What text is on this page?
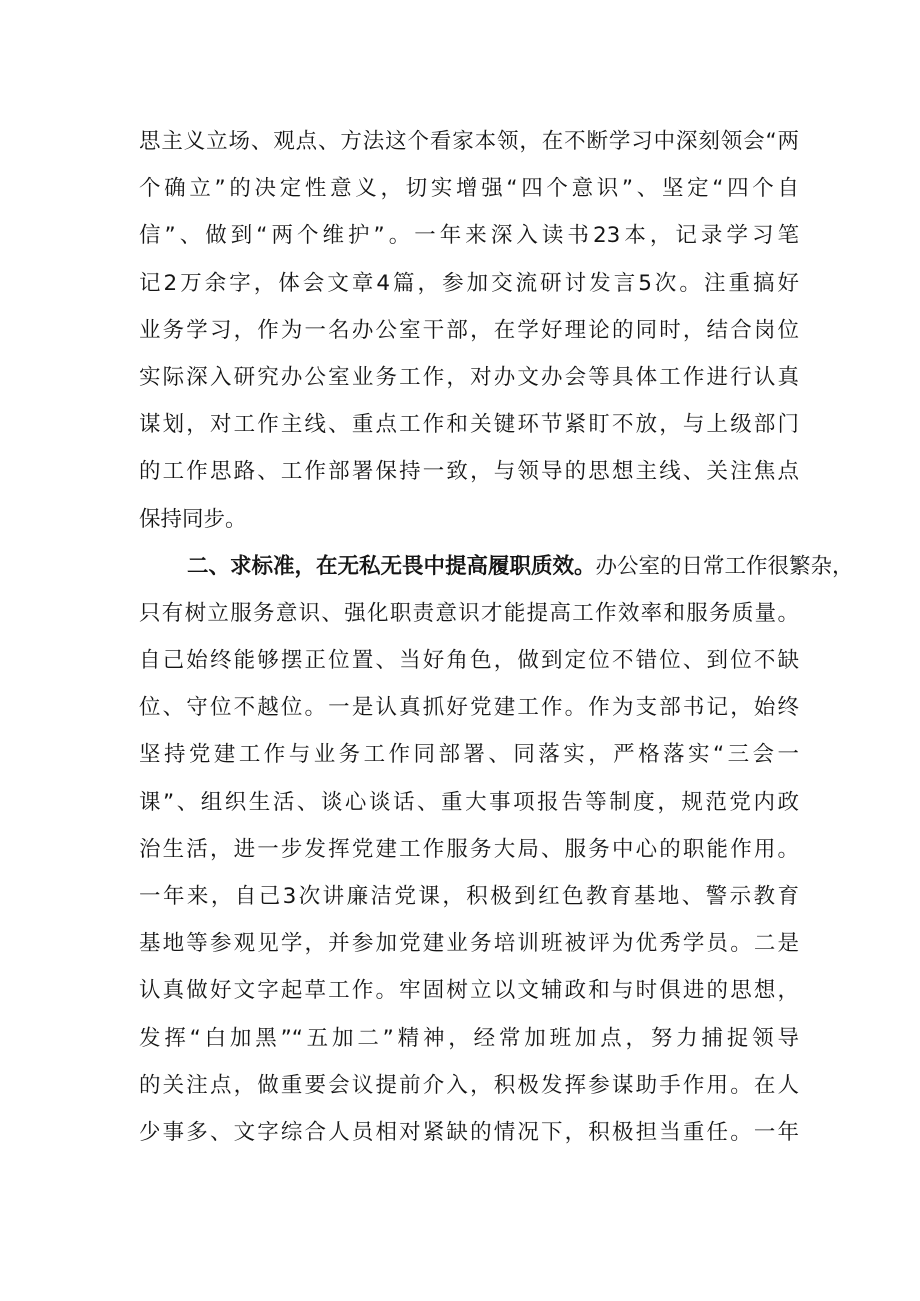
思主义立场、观点、方法这个看家本领，在不断学习中深刻领会“两
个确立”的决定性意义，切实增强“四个意识”、坚定“四个自
信”、做到“两个维护”。一年来深入读书23本，记录学习笔
记2万余字，体会文章4篇，参加交流研讨发言5次。注重搞好
业务学习，作为一名办公室干部，在学好理论的同时，结合岗位
实际深入研究办公室业务工作，对办文办会等具体工作进行认真
谋划，对工作主线、重点工作和关键环节紧盯不放，与上级部门
的工作思路、工作部署保持一致，与领导的思想主线、关注焦点
保持同步。
二、求标准，在无私无畏中提高履职质效。办公室的日常工作很繁杂，
只有树立服务意识、强化职责意识才能提高工作效率和服务质量。
自己始终能够摆正位置、当好角色，做到定位不错位、到位不缺
位、守位不越位。一是认真抓好党建工作。作为支部书记，始终
坚持党建工作与业务工作同部署、同落实，严格落实“三会一
课”、组织生活、谈心谈话、重大事项报告等制度，规范党内政
治生活，进一步发挥党建工作服务大局、服务中心的职能作用。
一年来，自己3次讲廉洁党课，积极到红色教育基地、警示教育
基地等参观见学，并参加党建业务培训班被评为优秀学员。二是
认真做好文字起草工作。牢固树立以文辅政和与时俱进的思想，
发挥“白加黑”“五加二”精神，经常加班加点，努力捕捉领导
的关注点，做重要会议提前介入，积极发挥参谋助手作用。在人
少事多、文字综合人员相对紧缺的情况下，积极担当重任。一年
